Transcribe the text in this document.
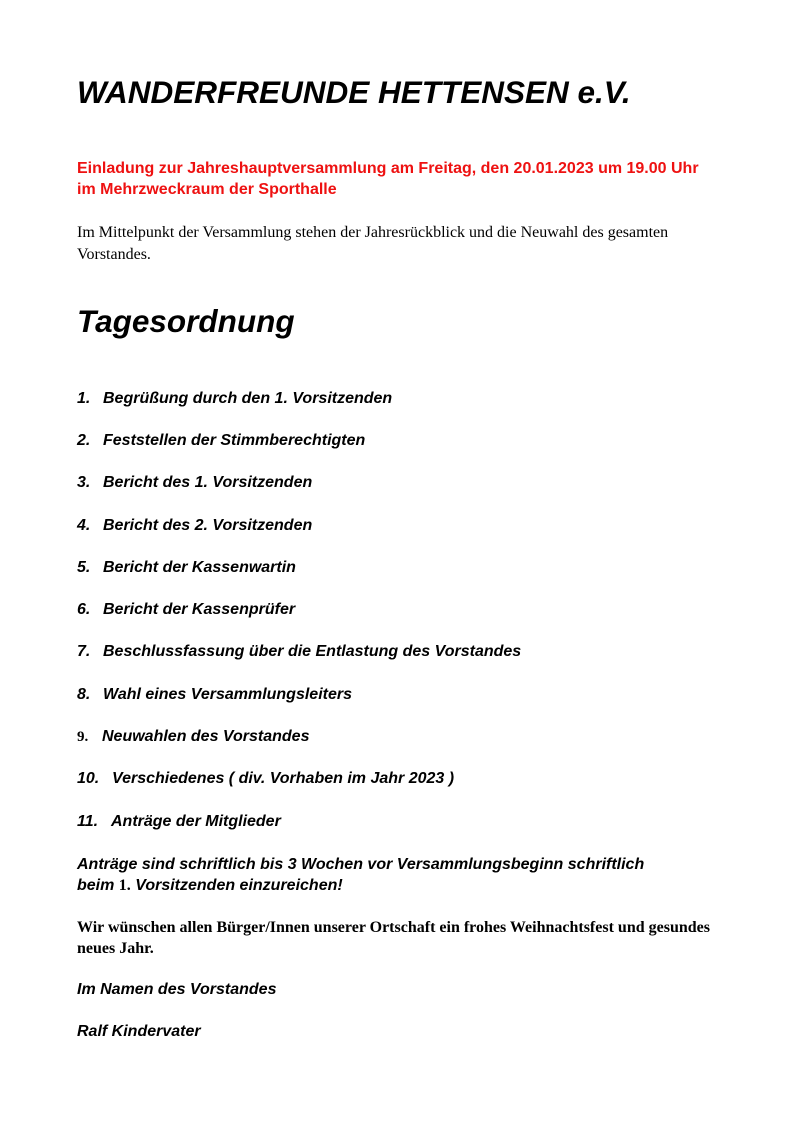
WANDERFREUNDE HETTENSEN e.V.
Einladung zur Jahreshauptversammlung am Freitag, den 20.01.2023 um 19.00 Uhr
im Mehrzweckraum der Sporthalle
Im Mittelpunkt der Versammlung stehen der Jahresrückblick und die Neuwahl des gesamten Vorstandes.
Tagesordnung
1. Begrüßung durch den 1. Vorsitzenden
2. Feststellen der Stimmberechtigten
3. Bericht des 1. Vorsitzenden
4. Bericht des 2. Vorsitzenden
5. Bericht der Kassenwartin
6. Bericht der Kassenprüfer
7. Beschlussfassung über die Entlastung des Vorstandes
8. Wahl eines Versammlungsleiters
9. Neuwahlen des Vorstandes
10. Verschiedenes ( div. Vorhaben im Jahr 2023 )
11. Anträge der Mitglieder
Anträge sind schriftlich bis 3 Wochen vor Versammlungsbeginn schriftlich
beim 1. Vorsitzenden einzureichen!
Wir wünschen allen Bürger/Innen unserer Ortschaft ein frohes Weihnachtsfest und gesundes neues Jahr.
Im Namen des Vorstandes
Ralf Kindervater
